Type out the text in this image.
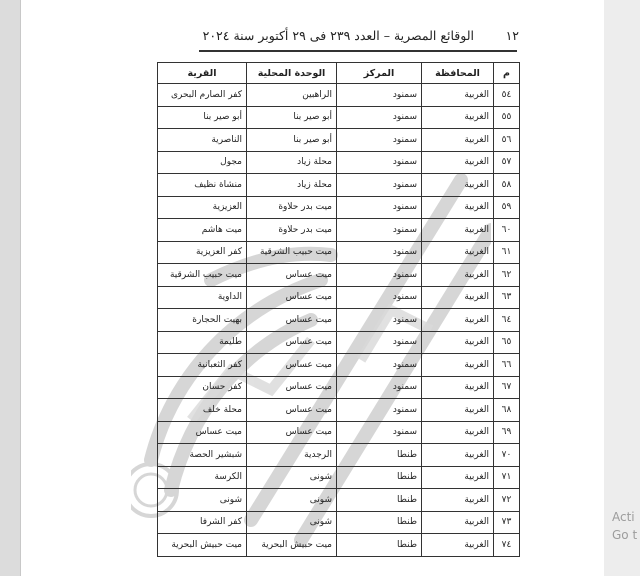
١٢
الوقائع المصرية – العدد ٢٣٩ فى ٢٩ أكتوبر سنة ٢٠٢٤
م	المحافظة	المركز	الوحدة المحلية	القرية
٥٤	الغربية	سمنود	الراهبين	كفر الصارم البحرى
٥٥	الغربية	سمنود	أبو صير بنا	أبو صير بنا
٥٦	الغربية	سمنود	أبو صير بنا	الناصرية
٥٧	الغربية	سمنود	محلة زياد	مجول
٥٨	الغربية	سمنود	محلة زياد	منشاة نظيف
٥٩	الغربية	سمنود	ميت بدر حلاوة	العزيزية
٦٠	الغربية	سمنود	ميت بدر حلاوة	ميت هاشم
٦١	الغربية	سمنود	ميت حبيب الشرقية	كفر العزيزية
٦٢	الغربية	سمنود	ميت عساس	ميت حبيب الشرقية
٦٣	الغربية	سمنود	ميت عساس	الداوية
٦٤	الغربية	سمنود	ميت عساس	بهيت الحجارة
٦٥	الغربية	سمنود	ميت عساس	طليمة
٦٦	الغربية	سمنود	ميت عساس	كفر الثعبانية
٦٧	الغربية	سمنود	ميت عساس	كفر حسان
٦٨	الغربية	سمنود	ميت عساس	محلة خلف
٦٩	الغربية	سمنود	ميت عساس	ميت عساس
٧٠	الغربية	طنطا	الرجدية	شبشير الحصة
٧١	الغربية	طنطا	شونى	الكرسة
٧٢	الغربية	طنطا	شونى	شونى
٧٣	الغربية	طنطا	شونى	كفر الشرفا
٧٤	الغربية	طنطا	ميت حبيش البحرية	ميت حبيش البحرية
Acti
Go t
